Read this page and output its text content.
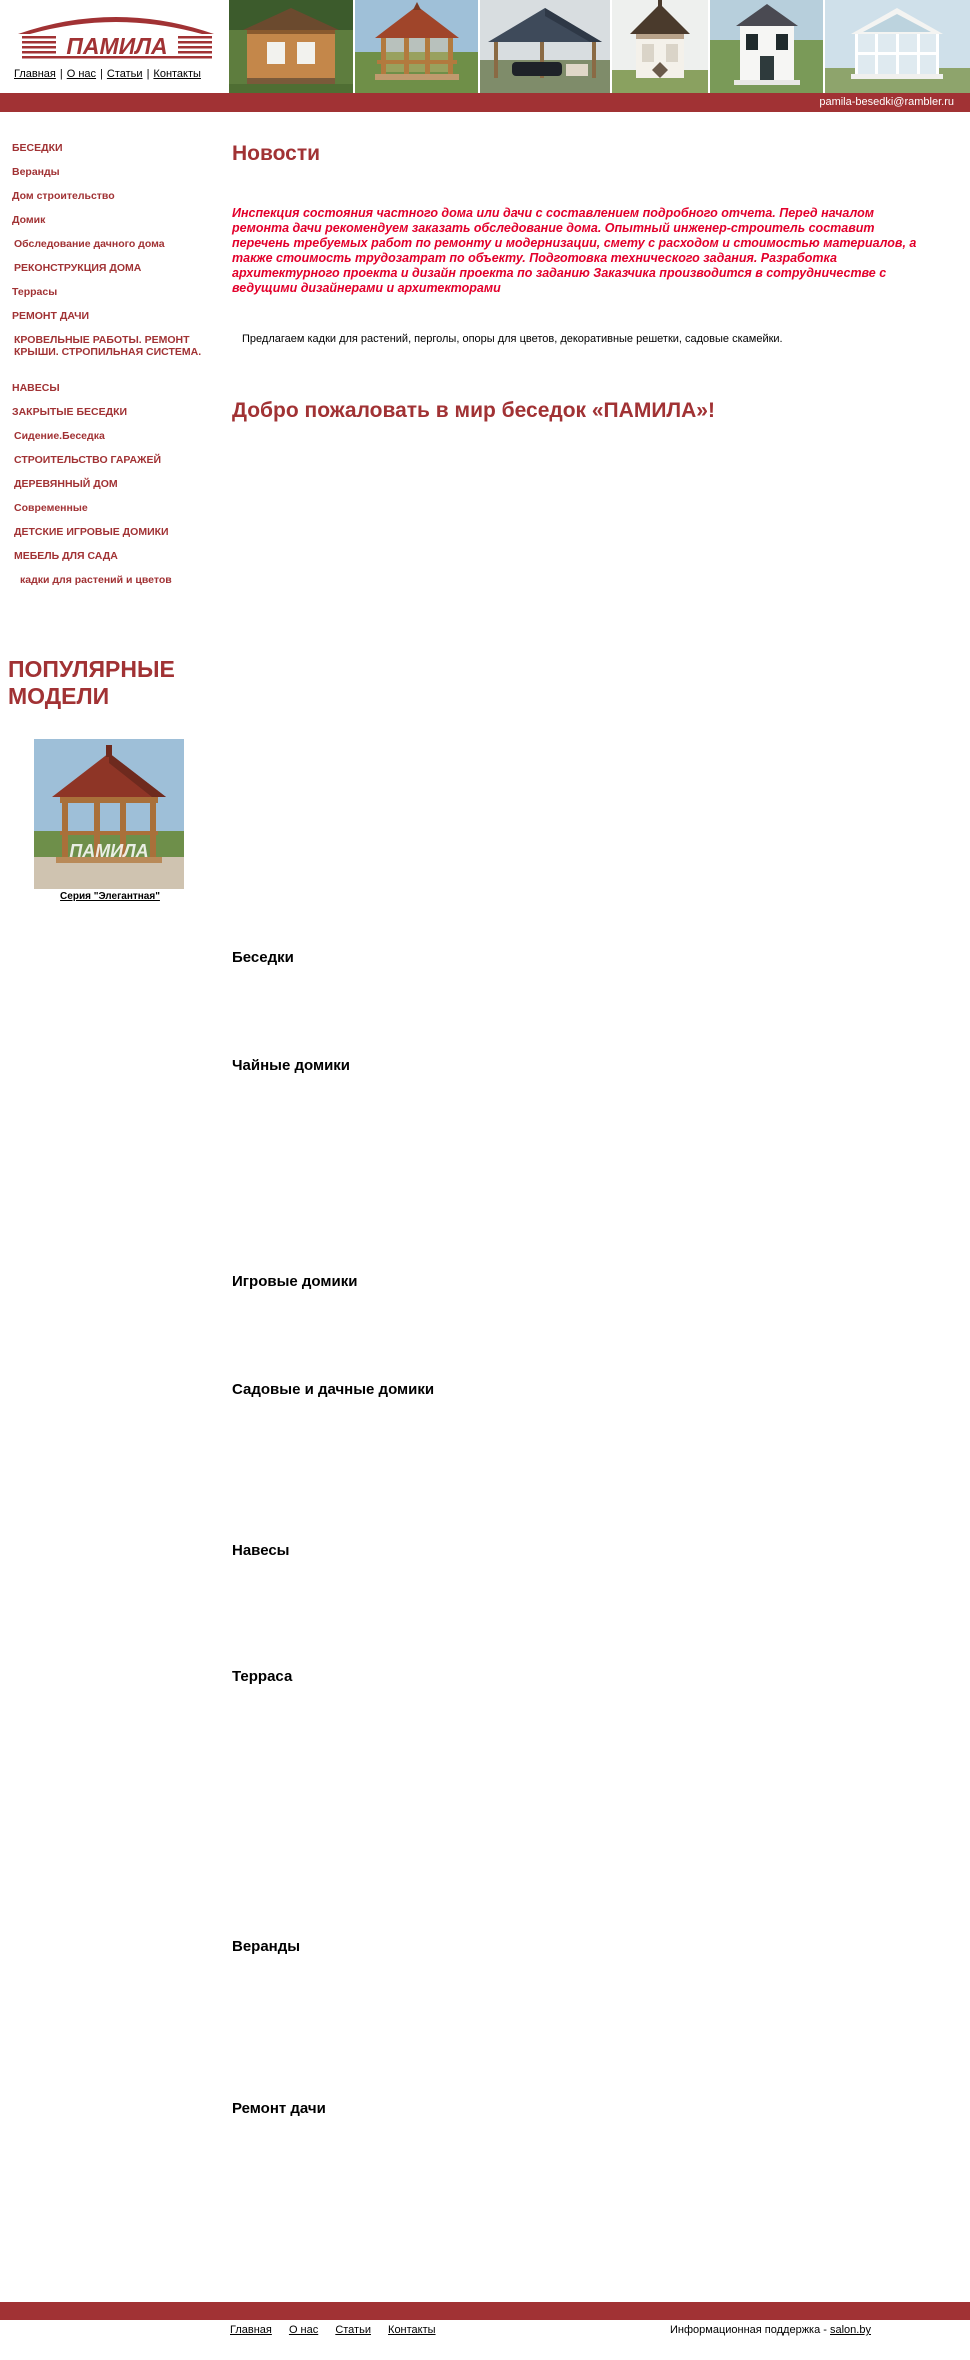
ПАМИЛА
Главная | О нас | Статьи | Контакты
pamila-besedki@rambler.ru
БЕСЕДКИ
Веранды
Дом строительство
Домик
Обследование дачного дома
РЕКОНСТРУКЦИЯ ДОМА
Террасы
РЕМОНТ ДАЧИ
КРОВЕЛЬНЫЕ РАБОТЫ. РЕМОНТ КРЫШИ. СТРОПИЛЬНАЯ СИСТЕМА.
НАВЕСЫ
ЗАКРЫТЫЕ БЕСЕДКИ
Сидение.Беседка
СТРОИТЕЛЬСТВО ГАРАЖЕЙ
ДЕРЕВЯННЫЙ ДОМ
Современные
ДЕТСКИЕ ИГРОВЫЕ ДОМИКИ
МЕБЕЛЬ ДЛЯ САДА
кадки для растений и цветов
ПОПУЛЯРНЫЕ МОДЕЛИ
ПАМИЛА
Серия "Элегантная"
Новости
Инспекция состояния частного дома или дачи с составлением подробного отчета. Перед началом ремонта дачи рекомендуем заказать обследование дома. Опытный инженер-строитель составит перечень требуемых работ по ремонту и модернизации, смету с расходом и стоимостью материалов, а также стоимость трудозатрат по объекту. Подготовка технического задания. Разработка архитектурного проекта и дизайн проекта по заданию Заказчика производится в сотрудничестве с ведущими дизайнерами и архитекторами
Предлагаем кадки для растений, перголы, опоры для цветов, декоративные решетки, садовые скамейки.
Добро пожаловать в мир беседок «ПАМИЛА»!

Беседки

Чайные домики

Игровые домики

Садовые и дачные домики

Навесы

Терраса

Веранды

Ремонт дачи

Главная О нас Статьи Контакты	Информационная поддержка - salon.by
